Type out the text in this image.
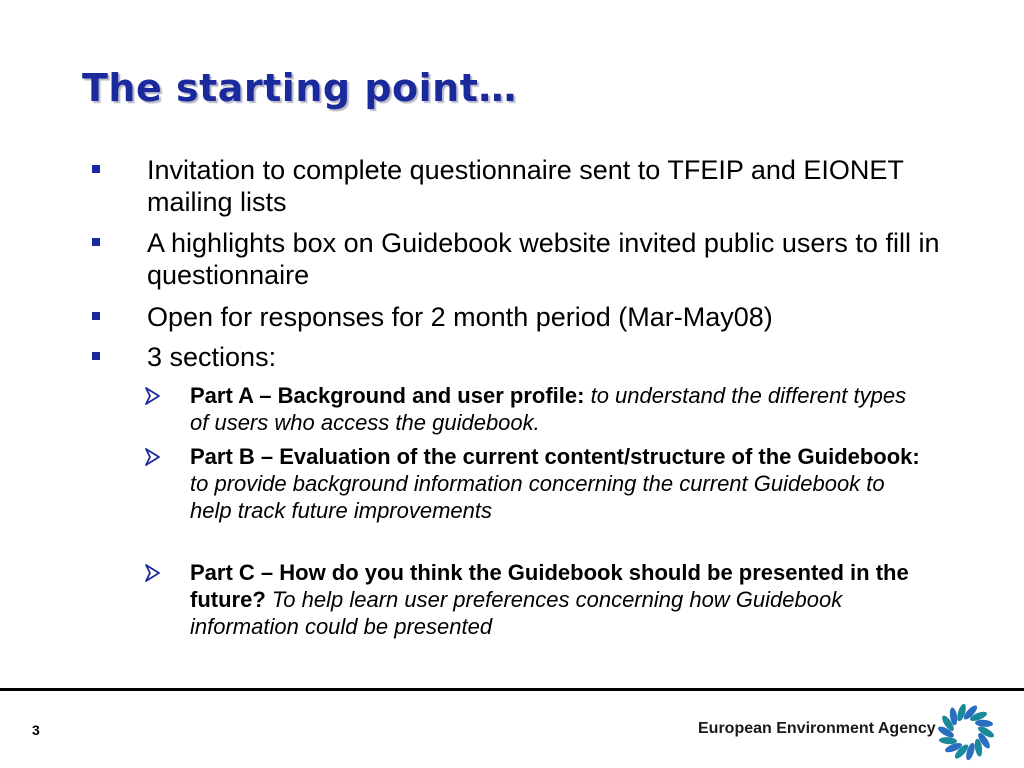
The starting point…
Invitation to complete questionnaire sent to TFEIP and EIONET mailing lists
A highlights box on Guidebook website invited public users to fill in questionnaire
Open for responses for 2 month period (Mar-May08)
3 sections:
Part A – Background and user profile: to understand the different types of users who access the guidebook.
Part B – Evaluation of the current content/structure of the Guidebook: to provide background information concerning the current Guidebook to help track future improvements
Part C – How do you think the Guidebook should be presented in the future? To help learn user preferences concerning how Guidebook information could be presented
3	European Environment Agency
